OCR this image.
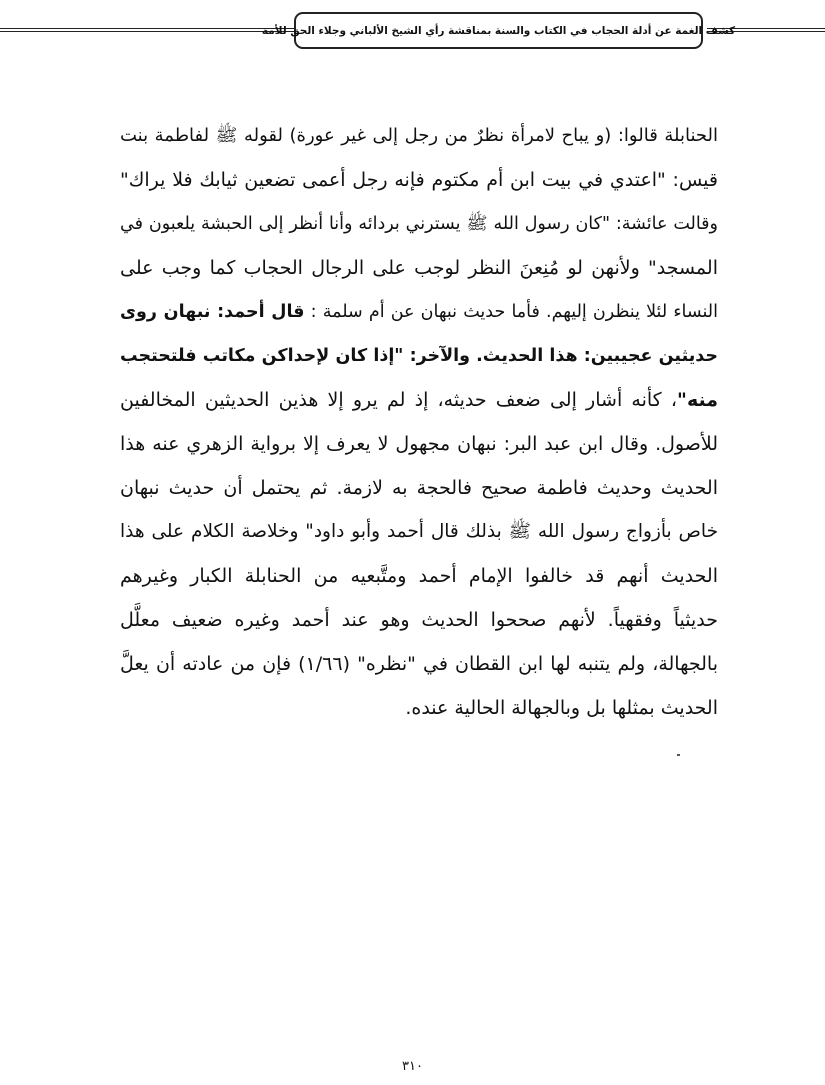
كشف الغمة عن أدلة الحجاب في الكتاب والسنة بمناقشة رأي الشيخ الألباني وجلاء الحق للأمة
الحنابلة قالوا: (و يباح لامرأة نظرٌ من رجل إلى غير عورة) لقوله ﷺ لفاطمة بنت
قيس: "اعتدي في بيت ابن أم مكتوم فإنه رجل أعمى تضعين ثيابك فلا يراك"
وقالت عائشة: "كان رسول الله ﷺ يسترني بردائه وأنا أنظر إلى الحبشة يلعبون في
المسجد" ولأنهن لو مُنِعنَ النظر لوجب على الرجال الحجاب كما وجب على
النساء لئلا ينظرن إليهم. فأما حديث نبهان عن أم سلمة : قال أحمد: نبهان روى
حديثين عجيبين: هذا الحديث. والآخر: "إذا كان لإحداكن مكاتب فلتحتجب
منه"، كأنه أشار إلى ضعف حديثه، إذ لم يرو إلا هذين الحديثين المخالفين
للأصول. وقال ابن عبد البر: نبهان مجهول لا يعرف إلا برواية الزهري عنه هذا
الحديث وحديث فاطمة صحيح فالحجة به لازمة. ثم يحتمل أن حديث نبهان
خاص بأزواج رسول الله ﷺ بذلك قال أحمد وأبو داود" وخلاصة الكلام على هذا
الحديث أنهم قد خالفوا الإمام أحمد ومتَّبعيه من الحنابلة الكبار وغيرهم
حديثياً وفقهياً. لأنهم صححوا الحديث وهو عند أحمد وغيره ضعيف معلَّل
بالجهالة، ولم يتنبه لها ابن القطان في "نظره" (١/٦٦) فإن من عادته أن يعلَّ
الحديث بمثلها بل وبالجهالة الحالية عنده.
٣١٠
